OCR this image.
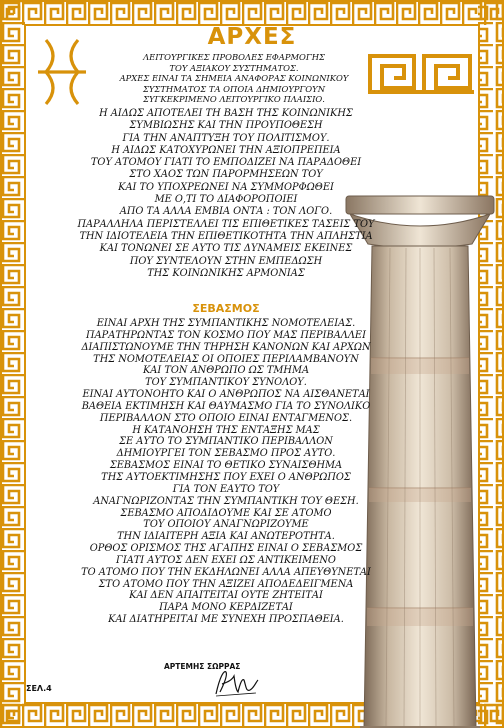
ΑΡΧΕΣ
ΛΕΙΤΟΥΡΓΙΚΕΣ ΠΡΟΒΟΛΕΣ ΕΦΑΡΜΟΓΗΣ
ΤΟΥ ΑΞΙΑΚΟΥ ΣΥΣΤΗΜΑΤΟΣ.
ΑΡΧΕΣ ΕΙΝΑΙ ΤΑ ΣΗΜΕΙΑ ΑΝΑΦΟΡΑΣ ΚΟΙΝΩΝΙΚΟΥ
ΣΥΣΤΗΜΑΤΟΣ ΤΑ ΟΠΟΙΑ ΔΗΜΙΟΥΡΓΟΥΝ
ΣΥΓΚΕΚΡΙΜΕΝΟ ΛΕΙΤΟΥΡΓΙΚΟ ΠΛΑΙΣΙΟ.
Η ΑΙΔΩΣ ΑΠΟΤΕΛΕΙ ΤΗ ΒΑΣΗ ΤΗΣ ΚΟΙΝΩΝΙΚΗΣ
ΣΥΜΒΙΩΣΗΣ ΚΑΙ ΤΗΝ ΠΡΟΥΠΟΘΕΣΗ
ΓΙΑ ΤΗΝ ΑΝΑΠΤΥΞΗ ΤΟΥ ΠΟΛΙΤΙΣΜΟΥ.
Η ΑΙΔΩΣ ΚΑΤΟΧΥΡΩΝΕΙ ΤΗΝ ΑΞΙΟΠΡΕΠΕΙΑ
ΤΟΥ ΑΤΟΜΟΥ ΓΙΑΤΙ ΤΟ ΕΜΠΟΔΙΖΕΙ ΝΑ ΠΑΡΑΔΟΘΕΙ
ΣΤΟ ΧΑΟΣ ΤΩΝ ΠΑΡΟΡΜΗΣΕΩΝ ΤΟΥ
ΚΑΙ ΤΟ ΥΠΟΧΡΕΩΝΕΙ ΝΑ ΣΥΜΜΟΡΦΩΘΕΙ
ΜΕ Ο,ΤΙ ΤΟ ΔΙΑΦΟΡΟΠΟΙΕΙ
ΑΠΟ ΤΑ ΑΛΛΑ ΕΜΒΙΑ ΟΝΤΑ : ΤΟΝ ΛΟΓΟ.
ΠΑΡΑΛΛΗΛΑ ΠΕΡΙΣΤΕΛΛΕΙ ΤΙΣ ΕΠΙΘΕΤΙΚΕΣ ΤΑΣΕΙΣ ΤΟΥ
ΤΗΝ ΙΔΙΟΤΕΛΕΙΑ ΤΗΝ ΕΠΙΘΕΤΙΚΟΤΗΤΑ ΤΗΝ ΑΠΛΗΣΤΙΑ
ΚΑΙ ΤΟΝΩΝΕΙ ΣΕ ΑΥΤΟ ΤΙΣ ΔΥΝΑΜΕΙΣ ΕΚΕΙΝΕΣ
ΠΟΥ ΣΥΝΤΕΛΟΥΝ ΣΤΗΝ ΕΜΠΕΔΩΣΗ
ΤΗΣ ΚΟΙΝΩΝΙΚΗΣ ΑΡΜΟΝΙΑΣ
ΣΕΒΑΣΜΟΣ
ΕΙΝΑΙ ΑΡΧΗ ΤΗΣ ΣΥΜΠΑΝΤΙΚΗΣ ΝΟΜΟΤΕΛΕΙΑΣ.
ΠΑΡΑΤΗΡΩΝΤΑΣ ΤΟΝ ΚΟΣΜΟ ΠΟΥ ΜΑΣ ΠΕΡΙΒΑΛΛΕΙ
ΔΙΑΠΙΣΤΩΝΟΥΜΕ ΤΗΝ ΤΗΡΗΣΗ ΚΑΝΟΝΩΝ ΚΑΙ ΑΡΧΩΝ
ΤΗΣ ΝΟΜΟΤΕΛΕΙΑΣ ΟΙ ΟΠΟΙΕΣ ΠΕΡΙΛΑΜΒΑΝΟΥΝ
ΚΑΙ ΤΟΝ ΑΝΘΡΩΠΟ ΩΣ ΤΜΗΜΑ
ΤΟΥ ΣΥΜΠΑΝΤΙΚΟΥ ΣΥΝΟΛΟΥ.
ΕΙΝΑΙ ΑΥΤΟΝΟΗΤΟ ΚΑΙ Ο ΑΝΘΡΩΠΟΣ ΝΑ ΑΙΣΘΑΝΕΤΑΙ
ΒΑΘΕΙΑ ΕΚΤΙΜΗΣΗ ΚΑΙ ΘΑΥΜΑΣΜΟ ΓΙΑ ΤΟ ΣΥΝΟΛΙΚΟ
ΠΕΡΙΒΑΛΛΟΝ ΣΤΟ ΟΠΟΙΟ ΕΙΝΑΙ ΕΝΤΑΓΜΕΝΟΣ.
Η ΚΑΤΑΝΟΗΣΗ ΤΗΣ ΕΝΤΑΞΗΣ ΜΑΣ
ΣΕ ΑΥΤΟ ΤΟ ΣΥΜΠΑΝΤΙΚΟ ΠΕΡΙΒΑΛΛΟΝ
ΔΗΜΙΟΥΡΓΕΙ ΤΟΝ ΣΕΒΑΣΜΟ ΠΡΟΣ ΑΥΤΟ.
ΣΕΒΑΣΜΟΣ ΕΙΝΑΙ ΤΟ ΘΕΤΙΚΟ ΣΥΝΑΙΣΘΗΜΑ
ΤΗΣ ΑΥΤΟΕΚΤΙΜΗΣΗΣ ΠΟΥ ΕΧΕΙ Ο ΑΝΘΡΩΠΟΣ
ΓΙΑ ΤΟΝ ΕΑΥΤΟ ΤΟΥ
ΑΝΑΓΝΩΡΙΖΟΝΤΑΣ ΤΗΝ ΣΥΜΠΑΝΤΙΚΗ ΤΟΥ ΘΕΣΗ.
ΣΕΒΑΣΜΟ ΑΠΟΔΙΔΟΥΜΕ ΚΑΙ ΣΕ ΑΤΟΜΟ
ΤΟΥ ΟΠΟΙΟΥ ΑΝΑΓΝΩΡΙΖΟΥΜΕ
ΤΗΝ ΙΔΙΑΙΤΕΡΗ ΑΞΙΑ ΚΑΙ ΑΝΩΤΕΡΟΤΗΤΑ.
ΟΡΘΟΣ ΟΡΙΣΜΟΣ ΤΗΣ ΑΓΑΠΗΣ ΕΙΝΑΙ Ο ΣΕΒΑΣΜΟΣ
ΓΙΑΤΙ ΑΥΤΟΣ ΔΕΝ ΕΧΕΙ ΩΣ ΑΝΤΙΚΕΙΜΕΝΟ
ΤΟ ΑΤΟΜΟ ΠΟΥ ΤΗΝ ΕΚΔΗΛΩΝΕΙ ΑΛΛΑ ΑΠΕΥΘΥΝΕΤΑΙ
ΣΤΟ ΑΤΟΜΟ ΠΟΥ ΤΗΝ ΑΞΙΖΕΙ ΑΠΟΔΕΔΕΙΓΜΕΝΑ
ΚΑΙ ΔΕΝ ΑΠΑΙΤΕΙΤΑΙ ΟΥΤΕ ΖΗΤΕΙΤΑΙ
ΠΑΡΑ ΜΟΝΟ ΚΕΡΔΙΖΕΤΑΙ
ΚΑΙ ΔΙΑΤΗΡΕΙΤΑΙ ΜΕ ΣΥΝΕΧΗ ΠΡΟΣΠΑΘΕΙΑ.
ΑΡΤΕΜΗΣ ΣΩΡΡΑΣ
ΣΕΛ.4
